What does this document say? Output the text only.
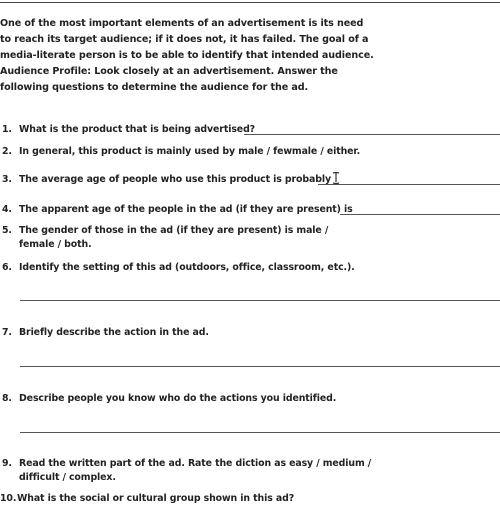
One of the most important elements of an advertisement is its need
to reach its target audience; if it does not, it has failed. The goal of a
media-literate person is to be able to identify that intended audience.
Audience Profile: Look closely at an advertisement. Answer the
following questions to determine the audience for the ad.
1. What is the product that is being advertised?
2. In general, this product is mainly used by male / fewmale / either.
3. The average age of people who use this product is probably
4. The apparent age of the people in the ad (if they are present) is
5. The gender of those in the ad (if they are present) is male /
female / both.
6. Identify the setting of this ad (outdoors, office, classroom, etc.).
7. Briefly describe the action in the ad.
8. Describe people you know who do the actions you identified.
9. Read the written part of the ad. Rate the diction as easy / medium /
difficult / complex.
10.What is the social or cultural group shown in this ad?
